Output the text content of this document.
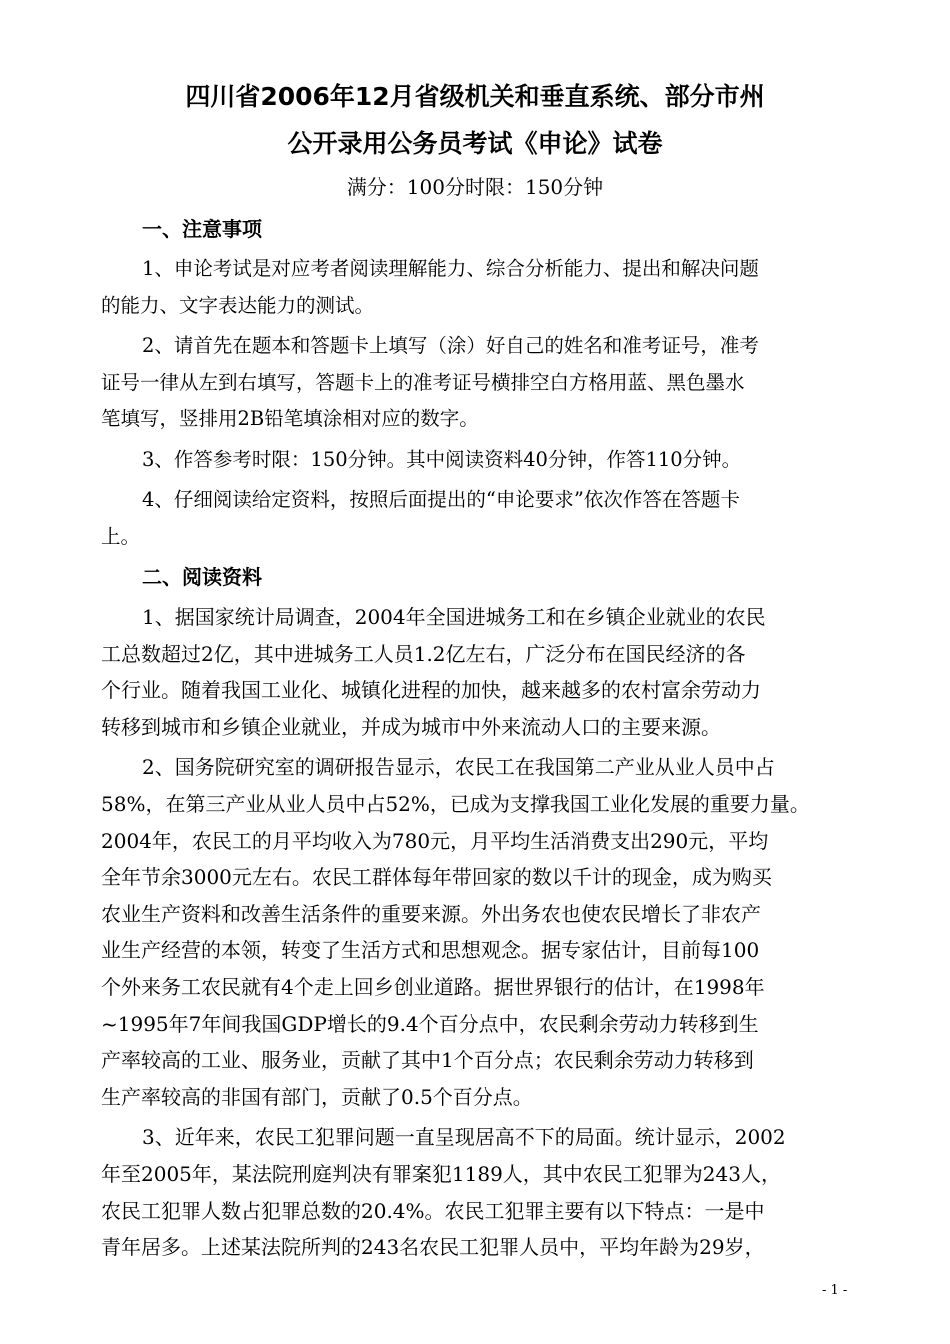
四川省2006年12月省级机关和垂直系统、部分市州
公开录用公务员考试《申论》试卷
满分：100分时限：150分钟
一、注意事项
1、申论考试是对应考者阅读理解能力、综合分析能力、提出和解决问题
的能力、文字表达能力的测试。
2、请首先在题本和答题卡上填写（涂）好自己的姓名和准考证号，准考
证号一律从左到右填写，答题卡上的准考证号横排空白方格用蓝、黑色墨水
笔填写，竖排用2B铅笔填涂相对应的数字。
3、作答参考时限：150分钟。其中阅读资料40分钟，作答110分钟。
4、仔细阅读给定资料，按照后面提出的“申论要求”依次作答在答题卡
上。
二、阅读资料
1、据国家统计局调查，2004年全国进城务工和在乡镇企业就业的农民
工总数超过2亿，其中进城务工人员1.2亿左右，广泛分布在国民经济的各
个行业。随着我国工业化、城镇化进程的加快，越来越多的农村富余劳动力
转移到城市和乡镇企业就业，并成为城市中外来流动人口的主要来源。
2、国务院研究室的调研报告显示，农民工在我国第二产业从业人员中占
58%，在第三产业从业人员中占52%，已成为支撑我国工业化发展的重要力量。
2004年，农民工的月平均收入为780元，月平均生活消费支出290元，平均
全年节余3000元左右。农民工群体每年带回家的数以千计的现金，成为购买
农业生产资料和改善生活条件的重要来源。外出务农也使农民增长了非农产
业生产经营的本领，转变了生活方式和思想观念。据专家估计，目前每100
个外来务工农民就有4个走上回乡创业道路。据世界银行的估计，在1998年
~1995年7年间我国GDP增长的9.4个百分点中，农民剩余劳动力转移到生
产率较高的工业、服务业，贡献了其中1个百分点；农民剩余劳动力转移到
生产率较高的非国有部门，贡献了0.5个百分点。
3、近年来，农民工犯罪问题一直呈现居高不下的局面。统计显示，2002
年至2005年，某法院刑庭判决有罪案犯1189人，其中农民工犯罪为243人，
农民工犯罪人数占犯罪总数的20.4%。农民工犯罪主要有以下特点：一是中
青年居多。上述某法院所判的243名农民工犯罪人员中，平均年龄为29岁，
- 1 -
